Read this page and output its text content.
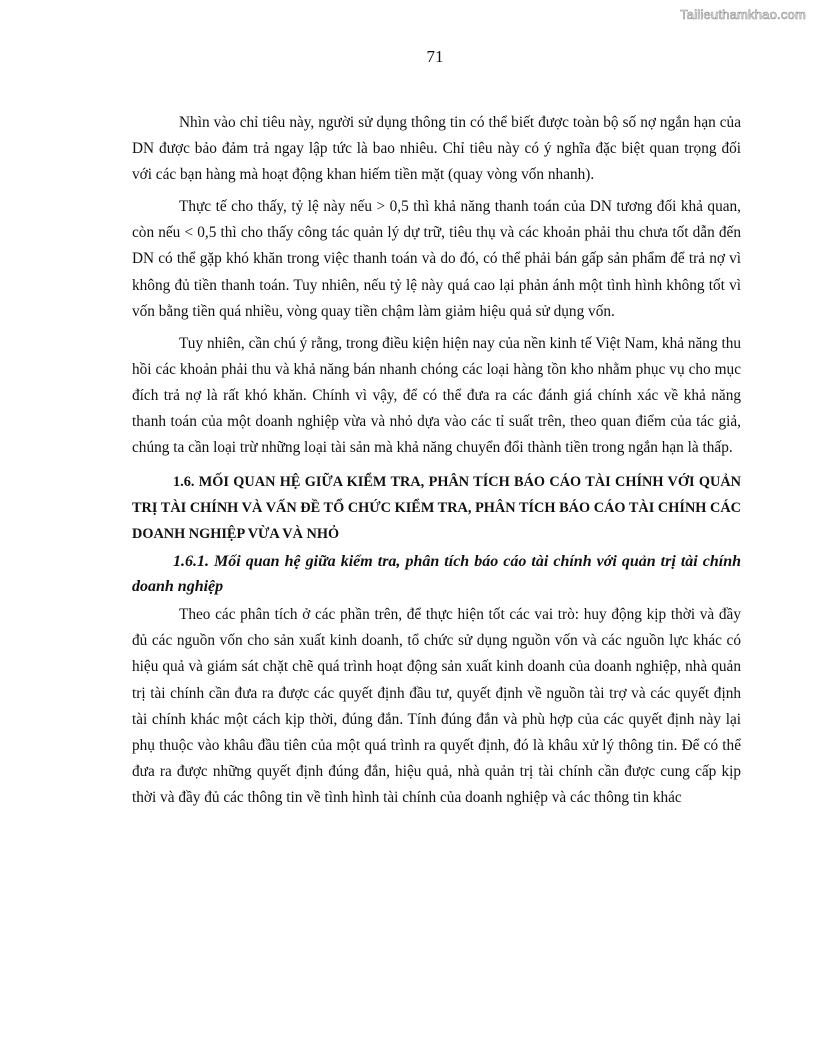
Tailieuthamkhao.com
71

Nhìn vào chỉ tiêu này, người sử dụng thông tin có thể biết được toàn bộ số nợ ngắn hạn của DN được bảo đảm trả ngay lập tức là bao nhiêu. Chỉ tiêu này có ý nghĩa đặc biệt quan trọng đối với các bạn hàng mà hoạt động khan hiếm tiền mặt (quay vòng vốn nhanh).

Thực tế cho thấy, tỷ lệ này nếu > 0,5 thì khả năng thanh toán của DN tương đối khả quan, còn nếu < 0,5 thì cho thấy công tác quản lý dự trữ, tiêu thụ và các khoản phải thu chưa tốt dẫn đến DN có thể gặp khó khăn trong việc thanh toán và do đó, có thể phải bán gấp sản phẩm để trả nợ vì không đủ tiền thanh toán. Tuy nhiên, nếu tỷ lệ này quá cao lại phản ánh một tình hình không tốt vì vốn bằng tiền quá nhiều, vòng quay tiền chậm làm giảm hiệu quả sử dụng vốn.

Tuy nhiên, cần chú ý rằng, trong điều kiện hiện nay của nền kinh tế Việt Nam, khả năng thu hồi các khoản phải thu và khả năng bán nhanh chóng các loại hàng tồn kho nhằm phục vụ cho mục đích trả nợ là rất khó khăn. Chính vì vậy, để có thể đưa ra các đánh giá chính xác về khả năng thanh toán của một doanh nghiệp vừa và nhỏ dựa vào các tỉ suất trên, theo quan điểm của tác giả, chúng ta cần loại trừ những loại tài sản mà khả năng chuyển đổi thành tiền trong ngắn hạn là thấp.

1.6. MỐI QUAN HỆ GIỮA KIỂM TRA, PHÂN TÍCH BÁO CÁO TÀI CHÍNH VỚI QUẢN TRỊ TÀI CHÍNH VÀ VẤN ĐỀ TỔ CHỨC KIỂM TRA, PHÂN TÍCH BÁO CÁO TÀI CHÍNH CÁC DOANH NGHIỆP VỪA VÀ NHỎ
1.6.1. Mối quan hệ giữa kiểm tra, phân tích báo cáo tài chính với quản trị tài chính doanh nghiệp

Theo các phân tích ở các phần trên, để thực hiện tốt các vai trò: huy động kịp thời và đầy đủ các nguồn vốn cho sản xuất kinh doanh, tổ chức sử dụng nguồn vốn và các nguồn lực khác có hiệu quả và giám sát chặt chẽ quá trình hoạt động sản xuất kinh doanh của doanh nghiệp, nhà quản trị tài chính cần đưa ra được các quyết định đầu tư, quyết định về nguồn tài trợ và các quyết định tài chính khác một cách kịp thời, đúng đắn. Tính đúng đắn và phù hợp của các quyết định này lại phụ thuộc vào khâu đầu tiên của một quá trình ra quyết định, đó là khâu xử lý thông tin. Để có thể đưa ra được những quyết định đúng đắn, hiệu quả, nhà quản trị tài chính cần được cung cấp kịp thời và đầy đủ các thông tin về tình hình tài chính của doanh nghiệp và các thông tin khác
